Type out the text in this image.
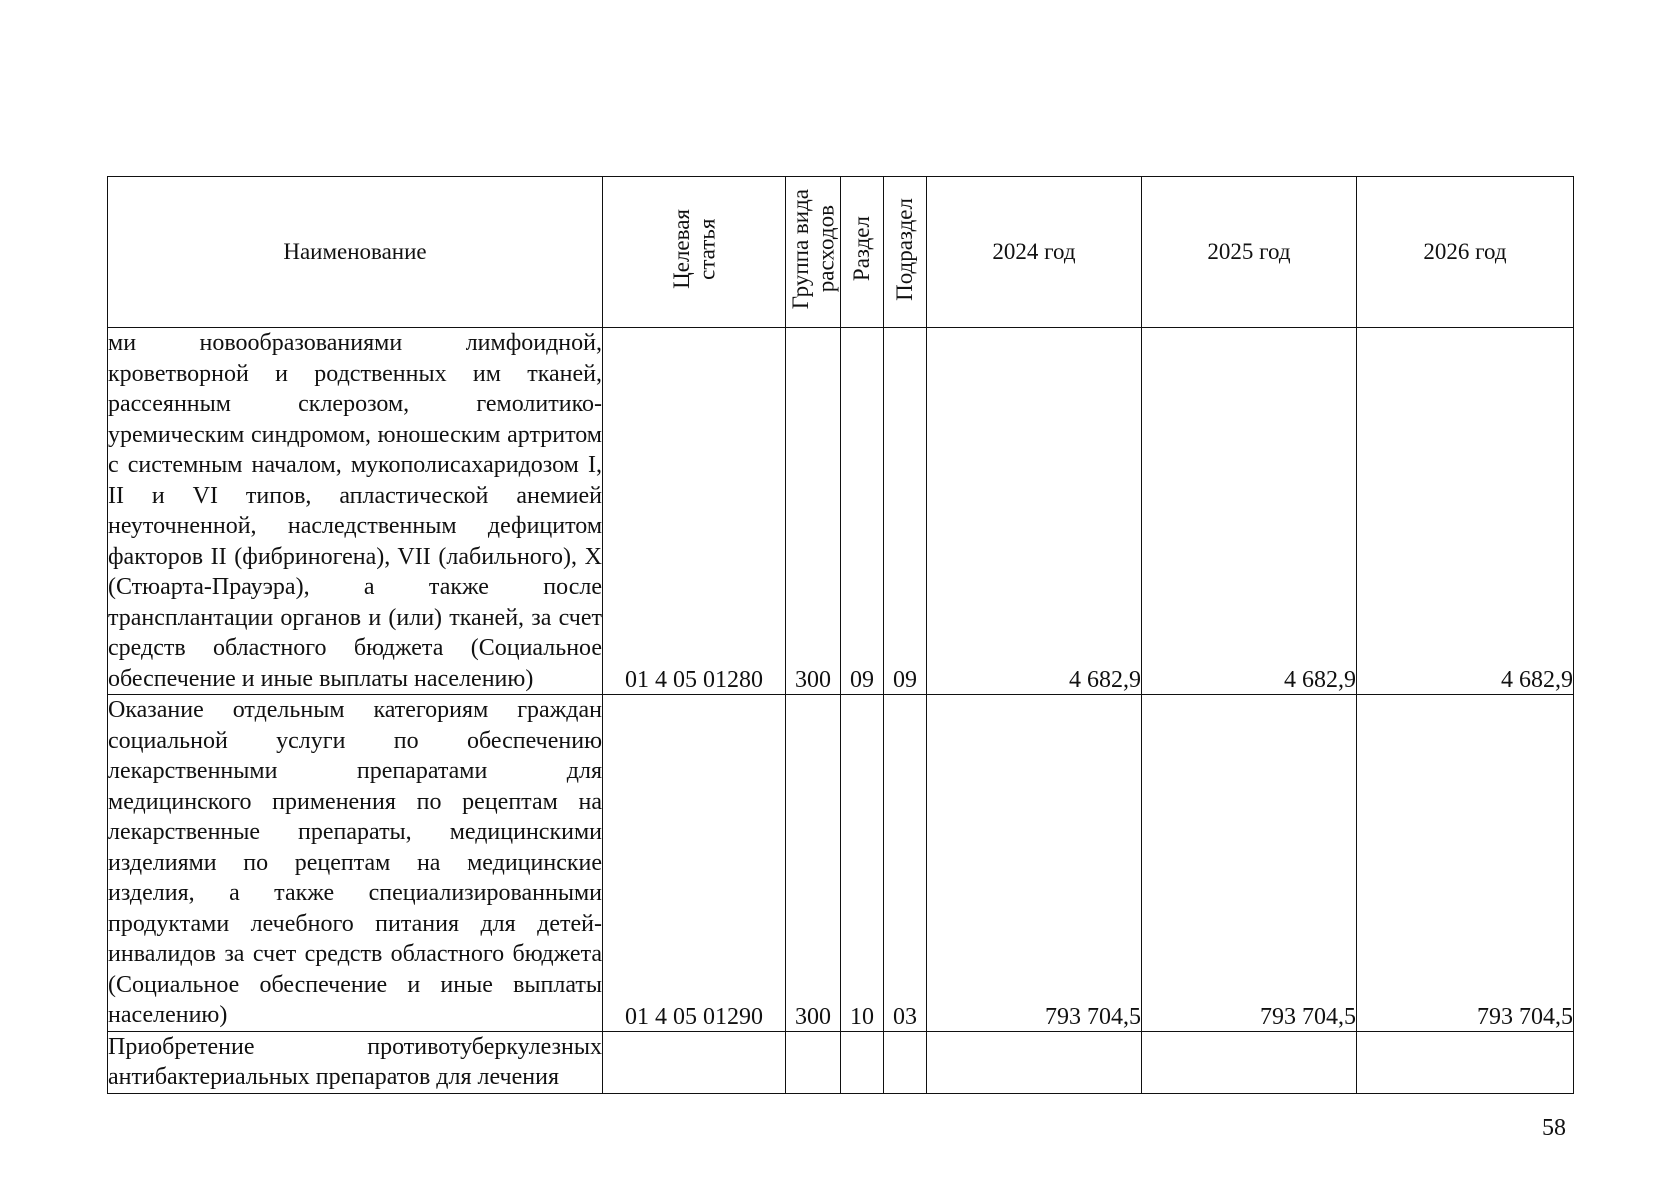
Наименование	Целевая статья	Группа вида расходов	Раздел	Подраздел	2024 год	2025 год	2026 год
ми новообразованиями лимфоидной, кроветворной и родственных им тканей, рассеянным склерозом, гемолитико-уремическим синдромом, юношеским артритом с системным началом, мукополисахаридозом I, II и VI типов, апластической анемией неуточненной, наследственным дефицитом факторов II (фибриногена), VII (лабильного), X (Стюарта-Прауэра), а также после трансплантации органов и (или) тканей, за счет средств областного бюджета (Социальное обеспечение и иные выплаты населению)	01 4 05 01280	300	09	09	4 682,9	4 682,9	4 682,9
Оказание отдельным категориям граждан социальной услуги по обеспечению лекарственными препаратами для медицинского применения по рецептам на лекарственные препараты, медицинскими изделиями по рецептам на медицинские изделия, а также специализированными продуктами лечебного питания для детей-инвалидов за счет средств областного бюджета (Социальное обеспечение и иные выплаты населению)	01 4 05 01290	300	10	03	793 704,5	793 704,5	793 704,5
Приобретение противотуберкулезных антибактериальных препаратов для лечения							
58
